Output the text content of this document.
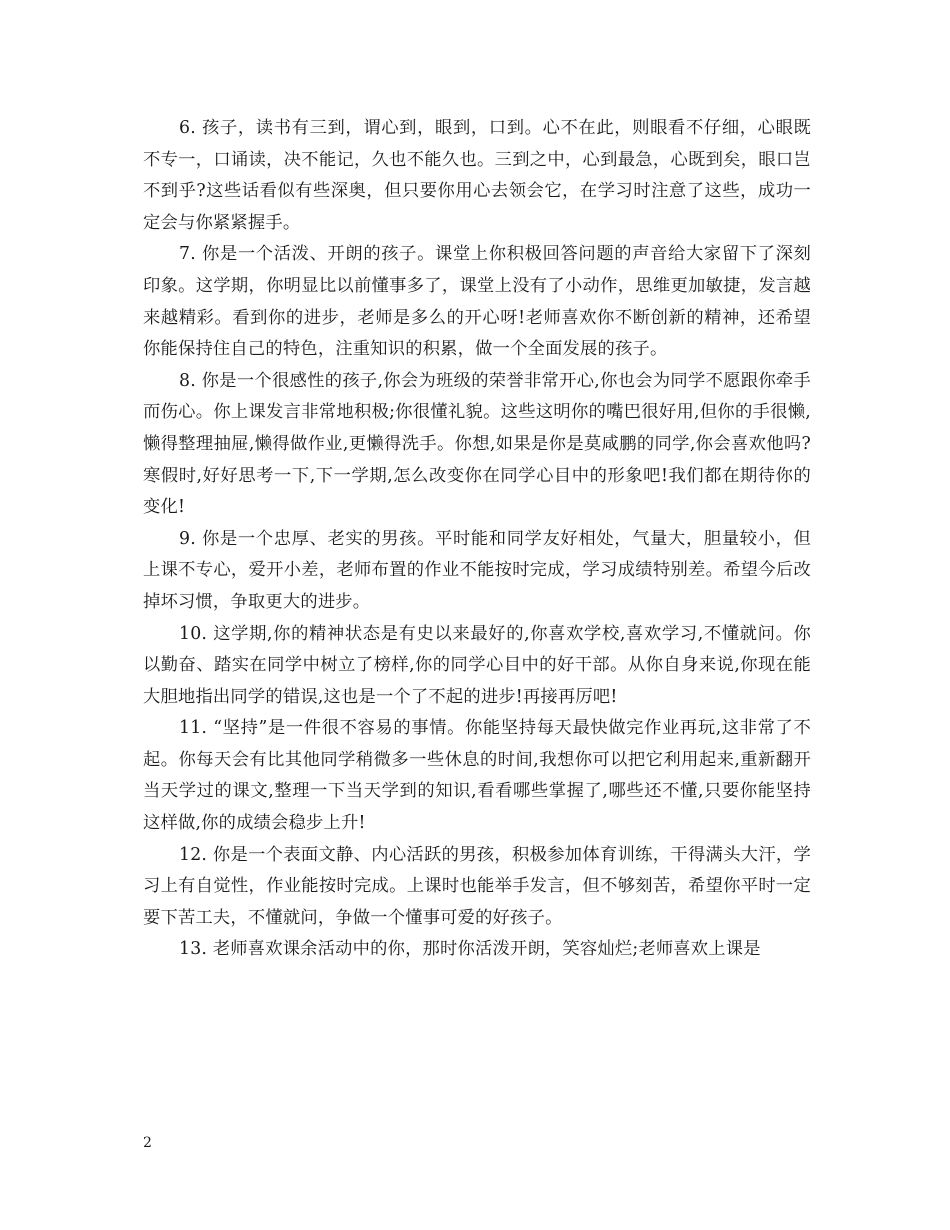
6. 孩子，读书有三到，谓心到，眼到，口到。心不在此，则眼看不仔细，心眼既不专一，口诵读，决不能记，久也不能久也。三到之中，心到最急，心既到矣，眼口岂不到乎?这些话看似有些深奥，但只要你用心去领会它，在学习时注意了这些，成功一定会与你紧紧握手。

7. 你是一个活泼、开朗的孩子。课堂上你积极回答问题的声音给大家留下了深刻印象。这学期，你明显比以前懂事多了，课堂上没有了小动作，思维更加敏捷，发言越来越精彩。看到你的进步，老师是多么的开心呀!老师喜欢你不断创新的精神，还希望你能保持住自己的特色，注重知识的积累，做一个全面发展的孩子。

8. 你是一个很感性的孩子,你会为班级的荣誉非常开心,你也会为同学不愿跟你牵手而伤心。你上课发言非常地积极;你很懂礼貌。这些这明你的嘴巴很好用,但你的手很懒,懒得整理抽屉,懒得做作业,更懒得洗手。你想,如果是你是莫咸鹏的同学,你会喜欢他吗?寒假时,好好思考一下,下一学期,怎么改变你在同学心目中的形象吧!我们都在期待你的变化!

9. 你是一个忠厚、老实的男孩。平时能和同学友好相处，气量大，胆量较小，但上课不专心，爱开小差，老师布置的作业不能按时完成，学习成绩特别差。希望今后改掉坏习惯，争取更大的进步。

10. 这学期,你的精神状态是有史以来最好的,你喜欢学校,喜欢学习,不懂就问。你以勤奋、踏实在同学中树立了榜样,你的同学心目中的好干部。从你自身来说,你现在能大胆地指出同学的错误,这也是一个了不起的进步!再接再厉吧!

11. “坚持”是一件很不容易的事情。你能坚持每天最快做完作业再玩,这非常了不起。你每天会有比其他同学稍微多一些休息的时间,我想你可以把它利用起来,重新翻开当天学过的课文,整理一下当天学到的知识,看看哪些掌握了,哪些还不懂,只要你能坚持这样做,你的成绩会稳步上升!

12. 你是一个表面文静、内心活跃的男孩，积极参加体育训练，干得满头大汗，学习上有自觉性，作业能按时完成。上课时也能举手发言，但不够刻苦，希望你平时一定要下苦工夫，不懂就问，争做一个懂事可爱的好孩子。

13. 老师喜欢课余活动中的你，那时你活泼开朗，笑容灿烂;老师喜欢上课是

2
